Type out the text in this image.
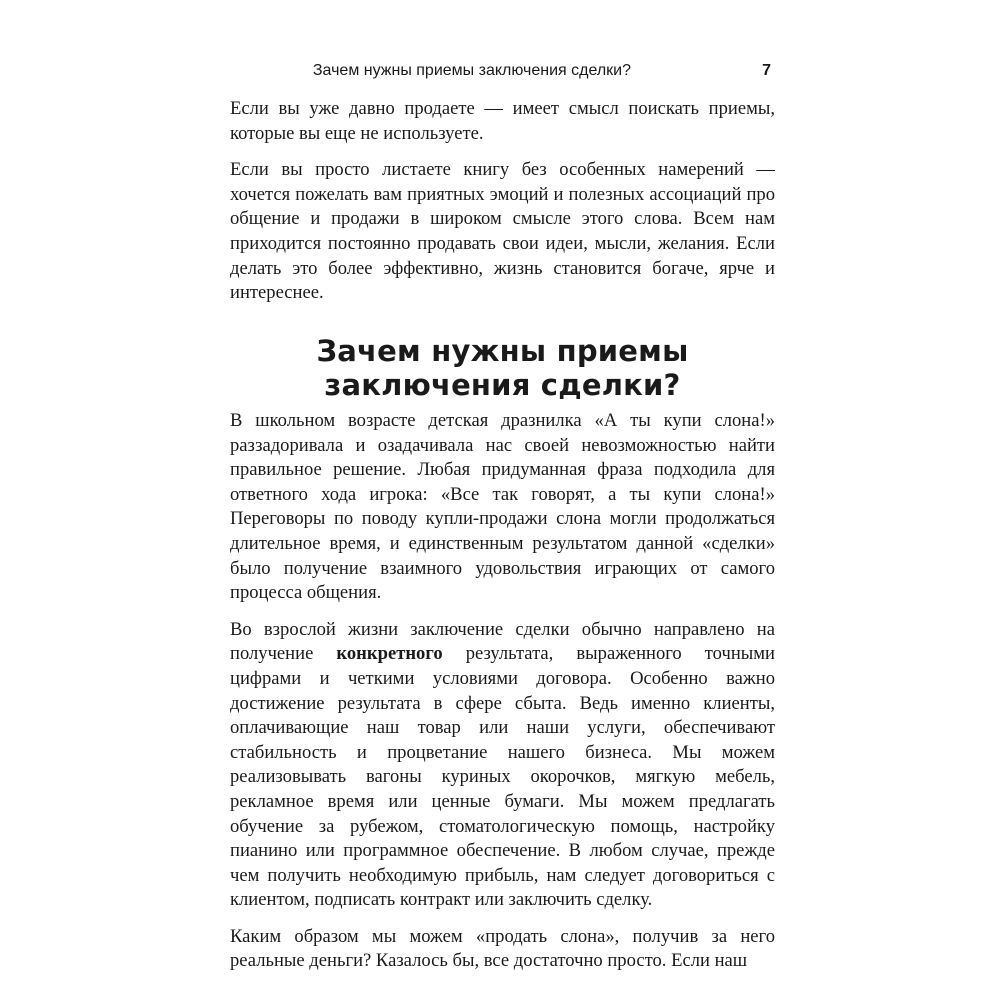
Зачем нужны приемы заключения сделки?	7

Если вы уже давно продаете — имеет смысл поискать приемы, которые вы еще не используете.

Если вы просто листаете книгу без особенных намерений — хочется пожелать вам приятных эмоций и полезных ассоциаций про общение и продажи в широком смысле этого слова. Всем нам приходится постоянно продавать свои идеи, мысли, желания. Если делать это более эффективно, жизнь становится богаче, ярче и интереснее.

Зачем нужны приемы
заключения сделки?

В школьном возрасте детская дразнилка «А ты купи слона!» раззадоривала и озадачивала нас своей невозможностью найти правильное решение. Любая придуманная фраза подходила для ответного хода игрока: «Все так говорят, а ты купи слона!» Переговоры по поводу купли-продажи слона могли продолжаться длительное время, и единственным результатом данной «сделки» было получение взаимного удовольствия играющих от самого процесса общения.

Во взрослой жизни заключение сделки обычно направлено на получение конкретного результата, выраженного точными цифрами и четкими условиями договора. Особенно важно достижение результата в сфере сбыта. Ведь именно клиенты, оплачивающие наш товар или наши услуги, обеспечивают стабильность и процветание нашего бизнеса. Мы можем реализовывать вагоны куриных окорочков, мягкую мебель, рекламное время или ценные бумаги. Мы можем предлагать обучение за рубежом, стоматологическую помощь, настройку пианино или программное обеспечение. В любом случае, прежде чем получить необходимую прибыль, нам следует договориться с клиентом, подписать контракт или заключить сделку.

Каким образом мы можем «продать слона», получив за него реальные деньги? Казалось бы, все достаточно просто. Если наш
